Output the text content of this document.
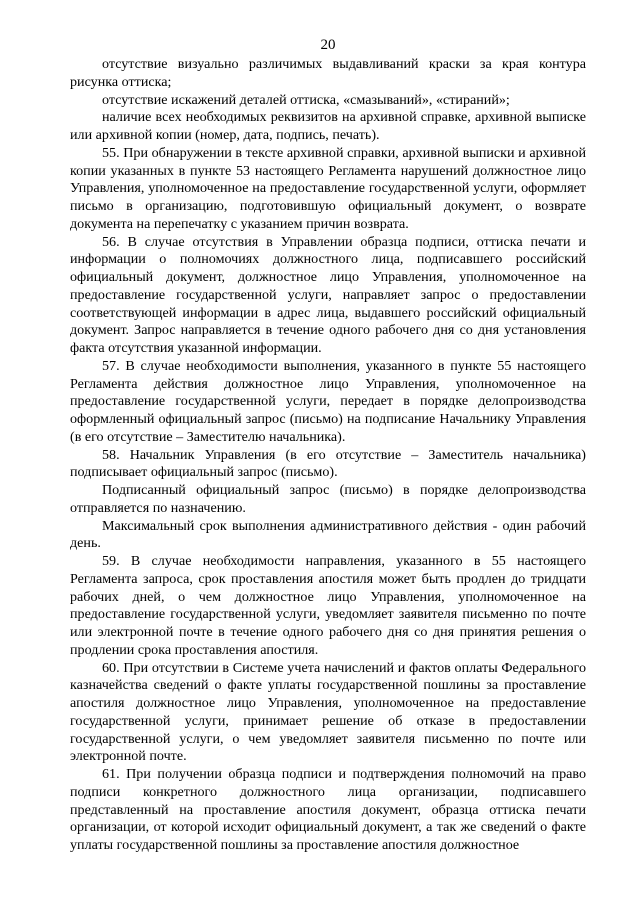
20

отсутствие визуально различимых выдавливаний краски за края контура рисунка оттиска;

отсутствие искажений деталей оттиска, «смазываний», «стираний»;

наличие всех необходимых реквизитов на архивной справке, архивной выписке или архивной копии (номер, дата, подпись, печать).

55. При обнаружении в тексте архивной справки, архивной выписки и архивной копии указанных в пункте 53 настоящего Регламента нарушений должностное лицо Управления, уполномоченное на предоставление государственной услуги, оформляет письмо в организацию, подготовившую официальный документ, о возврате документа на перепечатку с указанием причин возврата.

56. В случае отсутствия в Управлении образца подписи, оттиска печати и информации о полномочиях должностного лица, подписавшего российский официальный документ, должностное лицо Управления, уполномоченное на предоставление государственной услуги, направляет запрос о предоставлении соответствующей информации в адрес лица, выдавшего российский официальный документ. Запрос направляется в течение одного рабочего дня со дня установления факта отсутствия указанной информации.

57. В случае необходимости выполнения, указанного в пункте 55 настоящего Регламента действия должностное лицо Управления, уполномоченное на предоставление государственной услуги, передает в порядке делопроизводства оформленный официальный запрос (письмо) на подписание Начальнику Управления (в его отсутствие – Заместителю начальника).

58. Начальник Управления (в его отсутствие – Заместитель начальника) подписывает официальный запрос (письмо).

Подписанный официальный запрос (письмо) в порядке делопроизводства отправляется по назначению.

Максимальный срок выполнения административного действия - один рабочий день.

59. В случае необходимости направления, указанного в 55 настоящего Регламента запроса, срок проставления апостиля может быть продлен до тридцати рабочих дней, о чем должностное лицо Управления, уполномоченное на предоставление государственной услуги, уведомляет заявителя письменно по почте или электронной почте в течение одного рабочего дня со дня принятия решения о продлении срока проставления апостиля.

60. При отсутствии в Системе учета начислений и фактов оплаты Федерального казначейства сведений о факте уплаты государственной пошлины за проставление апостиля должностное лицо Управления, уполномоченное на предоставление государственной услуги, принимает решение об отказе в предоставлении государственной услуги, о чем уведомляет заявителя письменно по почте или электронной почте.

61. При получении образца подписи и подтверждения полномочий на право подписи конкретного должностного лица организации, подписавшего представленный на проставление апостиля документ, образца оттиска печати организации, от которой исходит официальный документ, а так же сведений о факте уплаты государственной пошлины за проставление апостиля должностное
